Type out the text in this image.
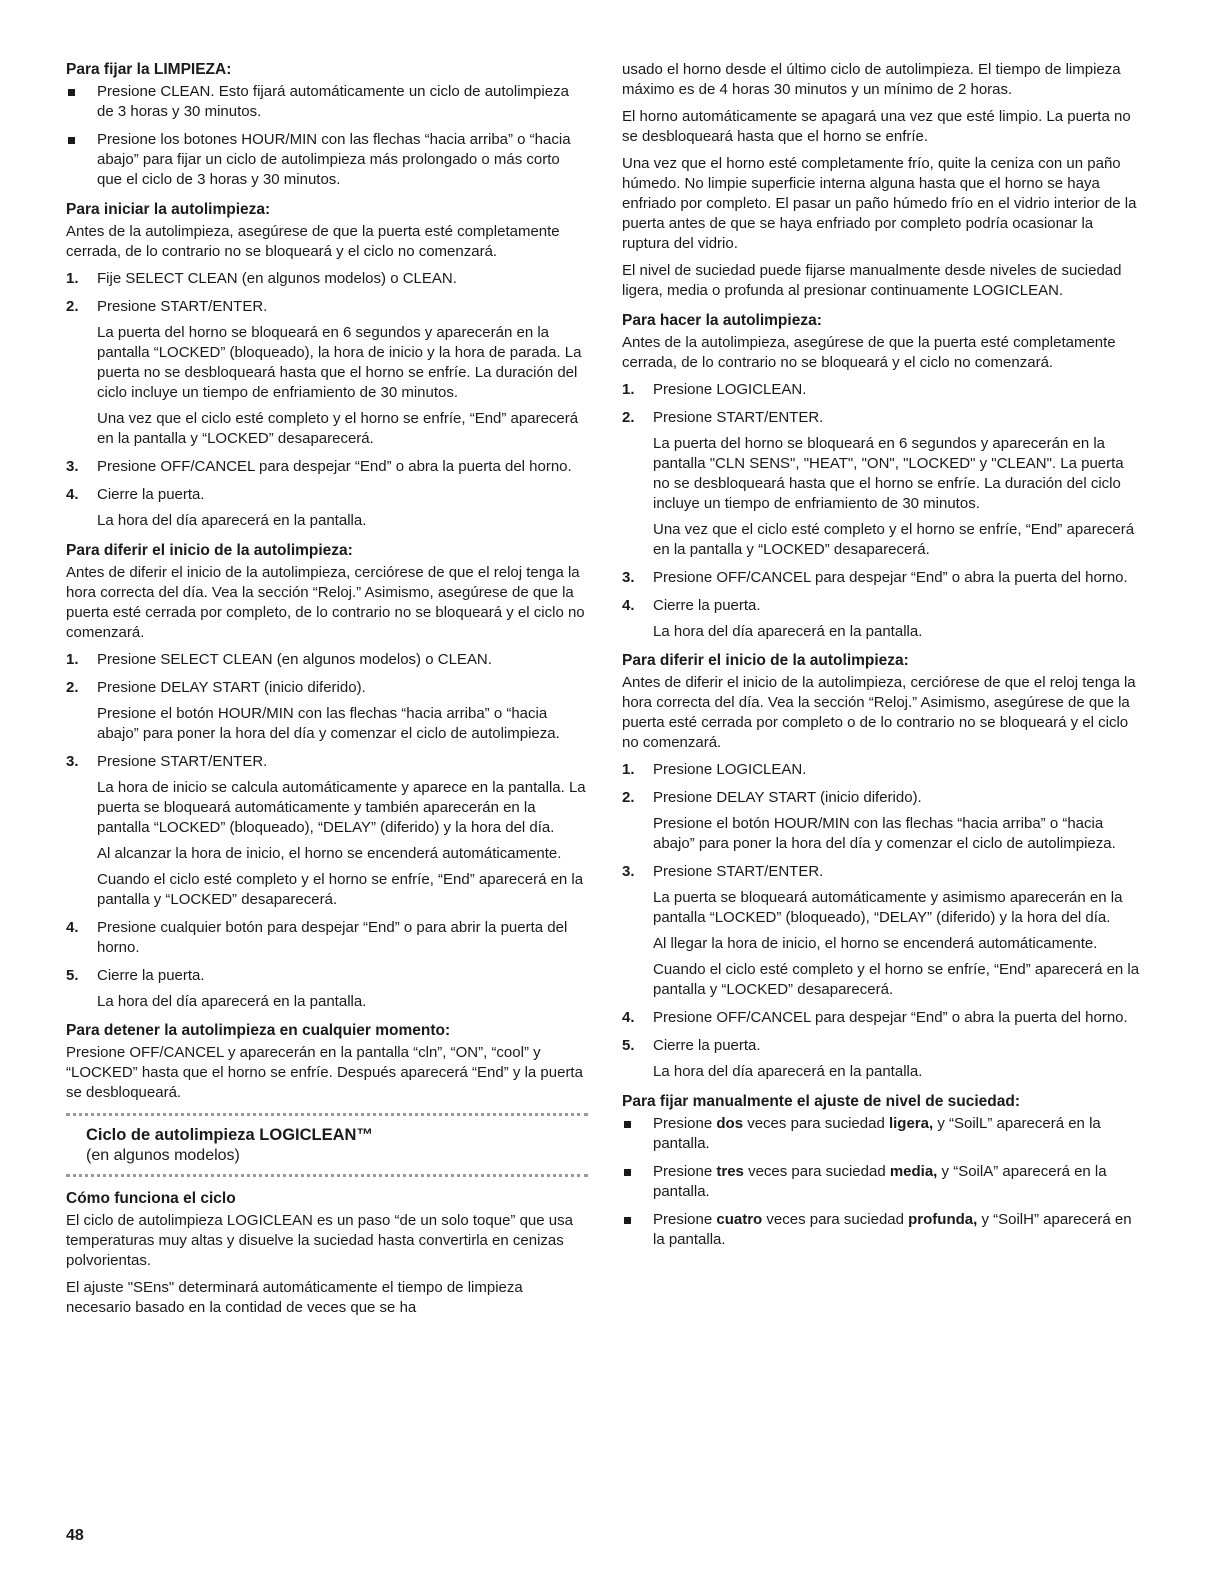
Para fijar la LIMPIEZA:
Presione CLEAN. Esto fijará automáticamente un ciclo de autolimpieza de 3 horas y 30 minutos.
Presione los botones HOUR/MIN con las flechas “hacia arriba” o “hacia abajo” para fijar un ciclo de autolimpieza más prolongado o más corto que el ciclo de 3 horas y 30 minutos.
Para iniciar la autolimpieza:
Antes de la autolimpieza, asegúrese de que la puerta esté completamente cerrada, de lo contrario no se bloqueará y el ciclo no comenzará.
1. Fije SELECT CLEAN (en algunos modelos) o CLEAN.
2. Presione START/ENTER.
La puerta del horno se bloqueará en 6 segundos y aparecerán en la pantalla “LOCKED” (bloqueado), la hora de inicio y la hora de parada. La puerta no se desbloqueará hasta que el horno se enfríe. La duración del ciclo incluye un tiempo de enfriamiento de 30 minutos.
Una vez que el ciclo esté completo y el horno se enfríe, “End” aparecerá en la pantalla y “LOCKED” desaparecerá.
3. Presione OFF/CANCEL para despejar “End” o abra la puerta del horno.
4. Cierre la puerta.
La hora del día aparecerá en la pantalla.
Para diferir el inicio de la autolimpieza:
Antes de diferir el inicio de la autolimpieza, cerciórese de que el reloj tenga la hora correcta del día. Vea la sección “Reloj.” Asimismo, asegúrese de que la puerta esté cerrada por completo, de lo contrario no se bloqueará y el ciclo no comenzará.
1. Presione SELECT CLEAN (en algunos modelos) o CLEAN.
2. Presione DELAY START (inicio diferido).
Presione el botón HOUR/MIN con las flechas “hacia arriba” o “hacia abajo” para poner la hora del día y comenzar el ciclo de autolimpieza.
3. Presione START/ENTER.
La hora de inicio se calcula automáticamente y aparece en la pantalla. La puerta se bloqueará automáticamente y también aparecerán en la pantalla “LOCKED” (bloqueado), “DELAY” (diferido) y la hora del día.
Al alcanzar la hora de inicio, el horno se encenderá automáticamente.
Cuando el ciclo esté completo y el horno se enfríe, “End” aparecerá en la pantalla y “LOCKED” desaparecerá.
4. Presione cualquier botón para despejar “End” o para abrir la puerta del horno.
5. Cierre la puerta.
La hora del día aparecerá en la pantalla.
Para detener la autolimpieza en cualquier momento:
Presione OFF/CANCEL y aparecerán en la pantalla “cln”, “ON”, “cool” y “LOCKED” hasta que el horno se enfríe. Después aparecerá “End” y la puerta se desbloqueará.
Ciclo de autolimpieza LOGICLEAN™
(en algunos modelos)
Cómo funciona el ciclo
El ciclo de autolimpieza LOGICLEAN es un paso “de un solo toque” que usa temperaturas muy altas y disuelve la suciedad hasta convertirla en cenizas polvorientas.
El ajuste "SEns" determinará automáticamente el tiempo de limpieza necesario basado en la contidad de veces que se ha
usado el horno desde el último ciclo de autolimpieza. El tiempo de limpieza máximo es de 4 horas 30 minutos y un mínimo de 2 horas.
El horno automáticamente se apagará una vez que esté limpio. La puerta no se desbloqueará hasta que el horno se enfríe.
Una vez que el horno esté completamente frío, quite la ceniza con un paño húmedo. No limpie superficie interna alguna hasta que el horno se haya enfriado por completo. El pasar un paño húmedo frío en el vidrio interior de la puerta antes de que se haya enfriado por completo podría ocasionar la ruptura del vidrio.
El nivel de suciedad puede fijarse manualmente desde niveles de suciedad ligera, media o profunda al presionar continuamente LOGICLEAN.
Para hacer la autolimpieza:
Antes de la autolimpieza, asegúrese de que la puerta esté completamente cerrada, de lo contrario no se bloqueará y el ciclo no comenzará.
1. Presione LOGICLEAN.
2. Presione START/ENTER.
La puerta del horno se bloqueará en 6 segundos y aparecerán en la pantalla "CLN SENS", "HEAT", "ON", "LOCKED" y "CLEAN". La puerta no se desbloqueará hasta que el horno se enfríe. La duración del ciclo incluye un tiempo de enfriamiento de 30 minutos.
Una vez que el ciclo esté completo y el horno se enfríe, “End” aparecerá en la pantalla y “LOCKED” desaparecerá.
3. Presione OFF/CANCEL para despejar “End” o abra la puerta del horno.
4. Cierre la puerta.
La hora del día aparecerá en la pantalla.
Para diferir el inicio de la autolimpieza:
Antes de diferir el inicio de la autolimpieza, cerciórese de que el reloj tenga la hora correcta del día. Vea la sección “Reloj.” Asimismo, asegúrese de que la puerta esté cerrada por completo o de lo contrario no se bloqueará y el ciclo no comenzará.
1. Presione LOGICLEAN.
2. Presione DELAY START (inicio diferido).
Presione el botón HOUR/MIN con las flechas “hacia arriba” o “hacia abajo” para poner la hora del día y comenzar el ciclo de autolimpieza.
3. Presione START/ENTER.
La puerta se bloqueará automáticamente y asimismo aparecerán en la pantalla “LOCKED” (bloqueado), “DELAY” (diferido) y la hora del día.
Al llegar la hora de inicio, el horno se encenderá automáticamente.
Cuando el ciclo esté completo y el horno se enfríe, “End” aparecerá en la pantalla y “LOCKED” desaparecerá.
4. Presione OFF/CANCEL para despejar “End” o abra la puerta del horno.
5. Cierre la puerta.
La hora del día aparecerá en la pantalla.
Para fijar manualmente el ajuste de nivel de suciedad:
Presione dos veces para suciedad ligera, y “SoilL” aparecerá en la pantalla.
Presione tres veces para suciedad media, y “SoilA” aparecerá en la pantalla.
Presione cuatro veces para suciedad profunda, y “SoilH” aparecerá en la pantalla.
48
